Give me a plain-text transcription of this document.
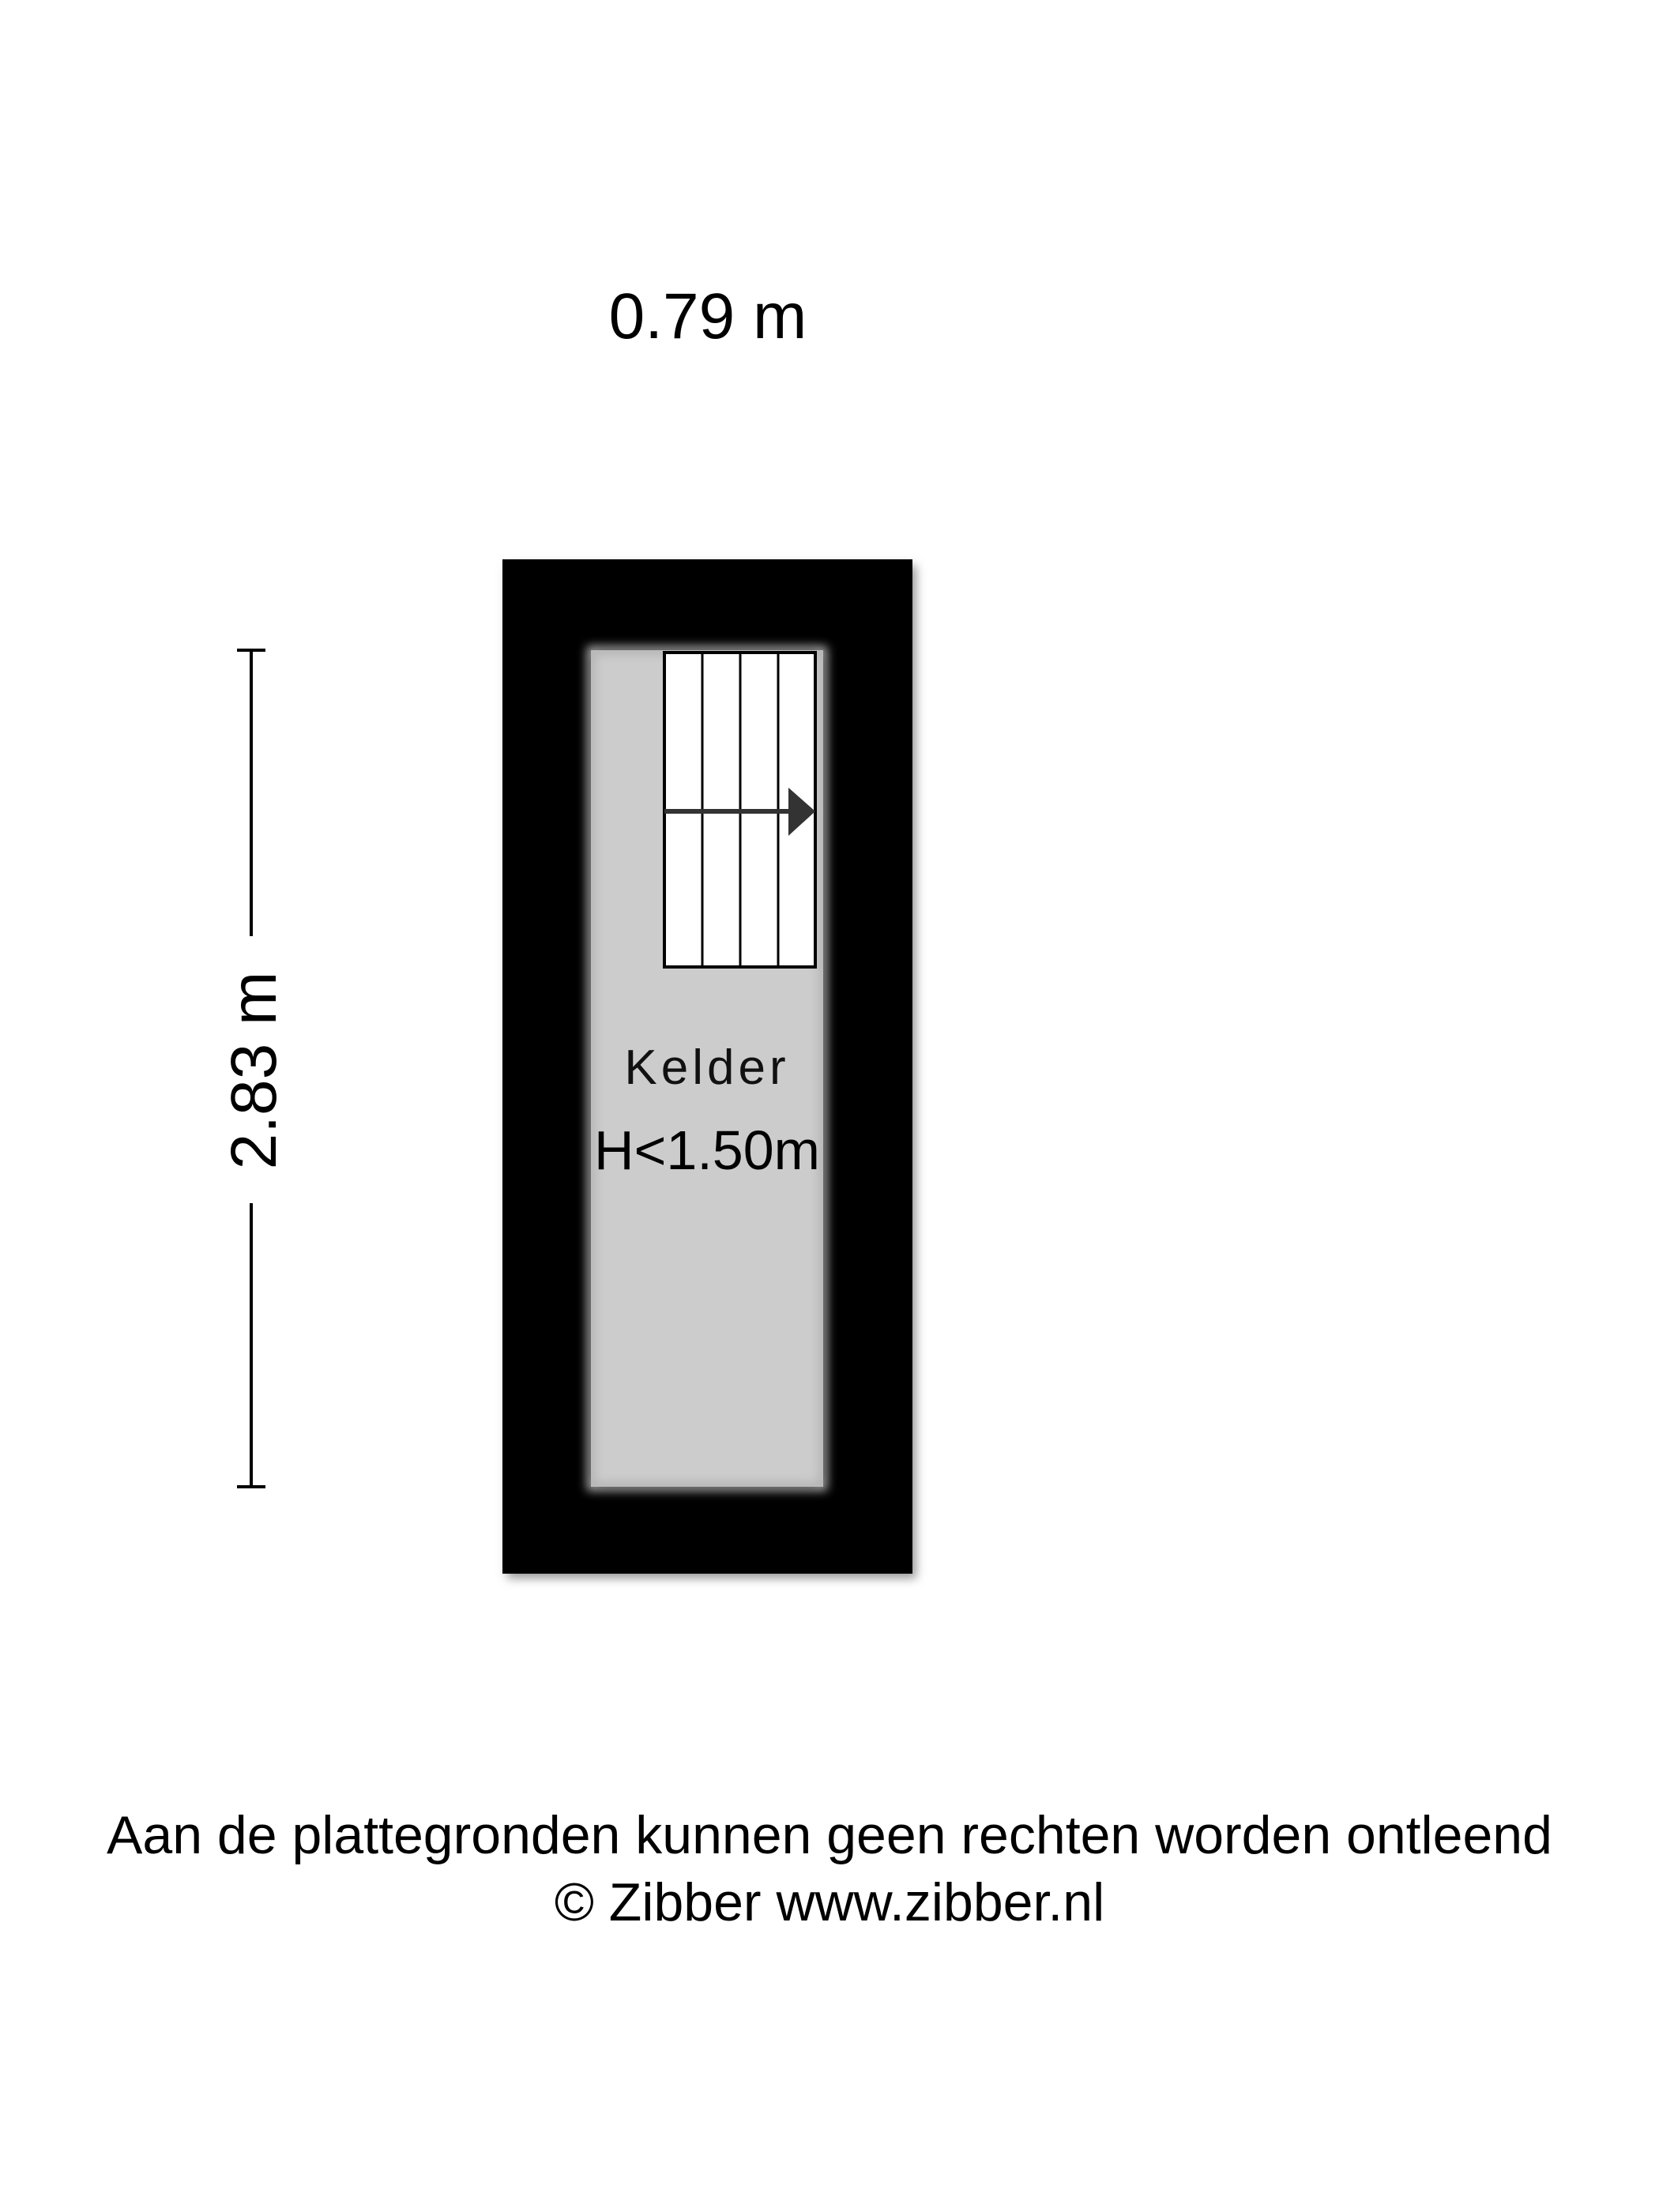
0.79 m
2.83 m	Kelder
H<1.50m
Aan de plattegronden kunnen geen rechten worden ontleend
© Zibber www.zibber.nl
